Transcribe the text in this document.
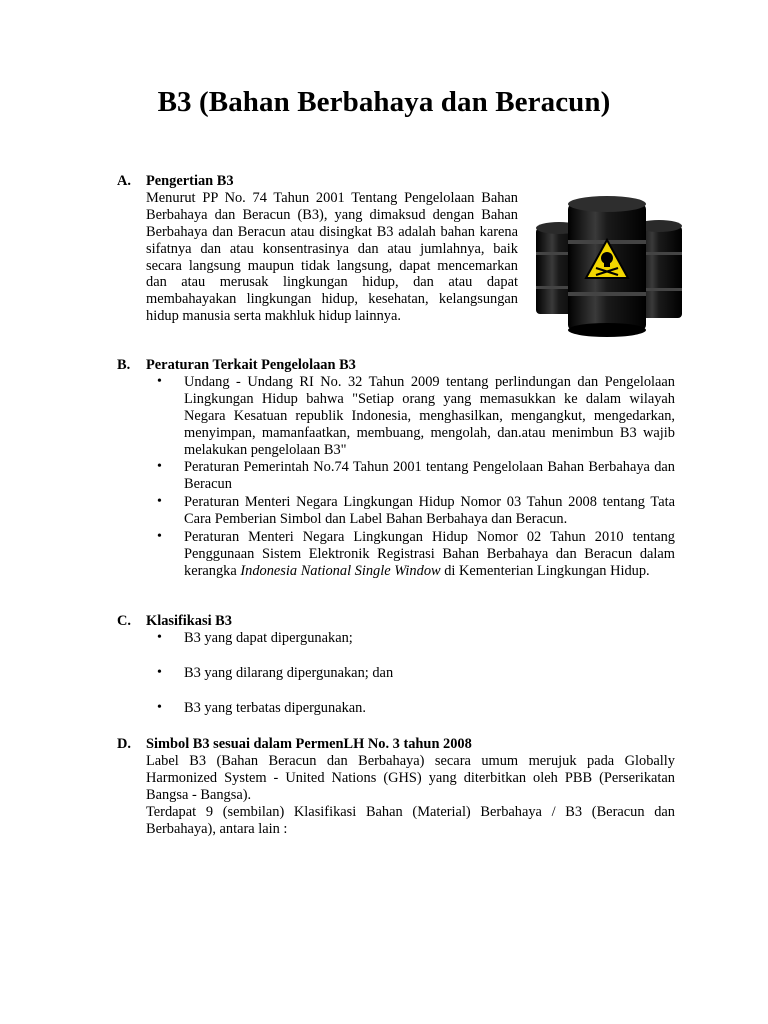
B3 (Bahan Berbahaya dan Beracun)
A. Pengertian B3
Menurut PP No. 74 Tahun 2001 Tentang Pengelolaan Bahan Berbahaya dan Beracun (B3), yang dimaksud dengan Bahan Berbahaya dan Beracun atau disingkat B3 adalah bahan karena sifatnya dan atau konsentrasinya dan atau jumlahnya, baik secara langsung maupun tidak langsung, dapat mencemarkan dan atau merusak lingkungan hidup, dan atau dapat membahayakan lingkungan hidup, kesehatan, kelangsungan hidup manusia serta makhluk hidup lainnya.
B. Peraturan Terkait Pengelolaan B3
• Undang - Undang RI No. 32 Tahun 2009 tentang perlindungan dan Pengelolaan Lingkungan Hidup bahwa "Setiap orang yang memasukkan ke dalam wilayah Negara Kesatuan republik Indonesia, menghasilkan, mengangkut, mengedarkan, menyimpan, mamanfaatkan, membuang, mengolah, dan.atau menimbun B3 wajib melakukan pengelolaan B3"
• Peraturan Pemerintah No.74 Tahun 2001 tentang Pengelolaan Bahan Berbahaya dan Beracun
• Peraturan Menteri Negara Lingkungan Hidup Nomor 03 Tahun 2008 tentang Tata Cara Pemberian Simbol dan Label Bahan Berbahaya dan Beracun.
• Peraturan Menteri Negara Lingkungan Hidup Nomor 02 Tahun 2010 tentang Penggunaan Sistem Elektronik Registrasi Bahan Berbahaya dan Beracun dalam kerangka Indonesia National Single Window di Kementerian Lingkungan Hidup.
C. Klasifikasi B3
• B3 yang dapat dipergunakan;
• B3 yang dilarang dipergunakan; dan
• B3 yang terbatas dipergunakan.
D. Simbol B3 sesuai dalam PermenLH No. 3 tahun 2008
Label B3 (Bahan Beracun dan Berbahaya) secara umum merujuk pada Globally Harmonized System - United Nations (GHS) yang diterbitkan oleh PBB (Perserikatan Bangsa - Bangsa).
Terdapat 9 (sembilan) Klasifikasi Bahan (Material) Berbahaya / B3 (Beracun dan Berbahaya), antara lain :
